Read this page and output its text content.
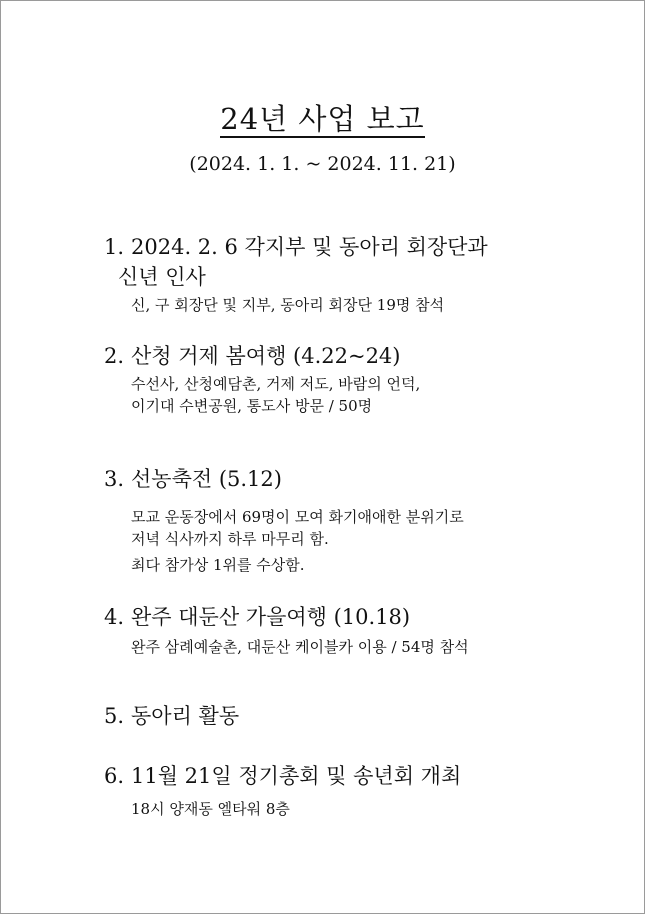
24년 사업 보고
(2024. 1. 1. ~ 2024. 11. 21)
1. 2024. 2. 6 각지부 및 동아리 회장단과
신년 인사
신, 구 회장단 및 지부, 동아리 회장단 19명 참석
2. 산청 거제 봄여행 (4.22~24)
수선사, 산청예담촌, 거제 저도, 바람의 언덕,
이기대 수변공원, 통도사 방문 / 50명
3. 선농축전 (5.12)
모교 운동장에서 69명이 모여 화기애애한 분위기로
저녁 식사까지 하루 마무리 함.
최다 참가상 1위를 수상함.
4. 완주 대둔산 가을여행 (10.18)
완주 삼례예술촌, 대둔산 케이블카 이용 / 54명 참석
5. 동아리 활동
6. 11월 21일 정기총회 및 송년회 개최
18시 양재동 엘타워 8층
